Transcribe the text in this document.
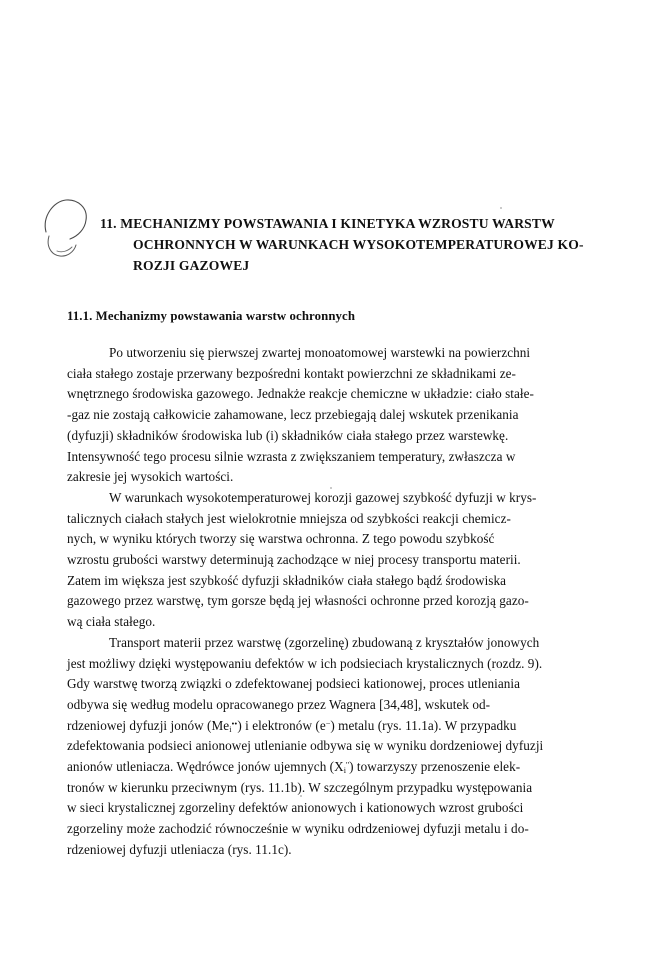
11. MECHANIZMY POWSTAWANIA I KINETYKA WZROSTU WARSTW
OCHRONNYCH W WARUNKACH WYSOKOTEMPERATUROWEJ KO-
ROZJI GAZOWEJ
11.1. Mechanizmy powstawania warstw ochronnych

Po utworzeniu się pierwszej zwartej monoatomowej warstewki na powierzchni
ciała stałego zostaje przerwany bezpośredni kontakt powierzchni ze składnikami ze-
wnętrznego środowiska gazowego. Jednakże reakcje chemiczne w układzie: ciało stałe-
-gaz nie zostają całkowicie zahamowane, lecz przebiegają dalej wskutek przenikania
(dyfuzji) składników środowiska lub (i) składników ciała stałego przez warstewkę.
Intensywność tego procesu silnie wzrasta z zwiększaniem temperatury, zwłaszcza w
zakresie jej wysokich wartości.

W warunkach wysokotemperaturowej korozji gazowej szybkość dyfuzji w krys-
talicznych ciałach stałych jest wielokrotnie mniejsza od szybkości reakcji chemicz-
nych, w wyniku których tworzy się warstwa ochronna. Z tego powodu szybkość
wzrostu grubości warstwy determinują zachodzące w niej procesy transportu materii.
Zatem im większa jest szybkość dyfuzji składników ciała stałego bądź środowiska
gazowego przez warstwę, tym gorsze będą jej własności ochronne przed korozją gazo-
wą ciała stałego.

Transport materii przez warstwę (zgorzelinę) zbudowaną z kryształów jonowych
jest możliwy dzięki występowaniu defektów w ich podsieciach krystalicznych (rozdz. 9).
Gdy warstwę tworzą związki o zdefektowanej podsieci kationowej, proces utleniania
odbywa się według modelu opracowanego przez Wagnera [34,48], wskutek od-
rdzeniowej dyfuzji jonów $(Me_i^{••})$ i elektronów (e−) metalu (rys. 11.1a). W przypadku
zdefektowania podsieci anionowej utlenianie odbywa się w wyniku dordzeniowej dyfuzji
anionów utleniacza. Wędrówce jonów ujemnych $(X_i'')$ towarzyszy przenoszenie elek-
tronów w kierunku przeciwnym (rys. 11.1b). W szczególnym przypadku występowania
w sieci krystalicznej zgorzeliny defektów anionowych i kationowych wzrost grubości
zgorzeliny może zachodzić równocześnie w wyniku odrdzeniowej dyfuzji metalu i do-
rdzeniowej dyfuzji utleniacza (rys. 11.1c).
